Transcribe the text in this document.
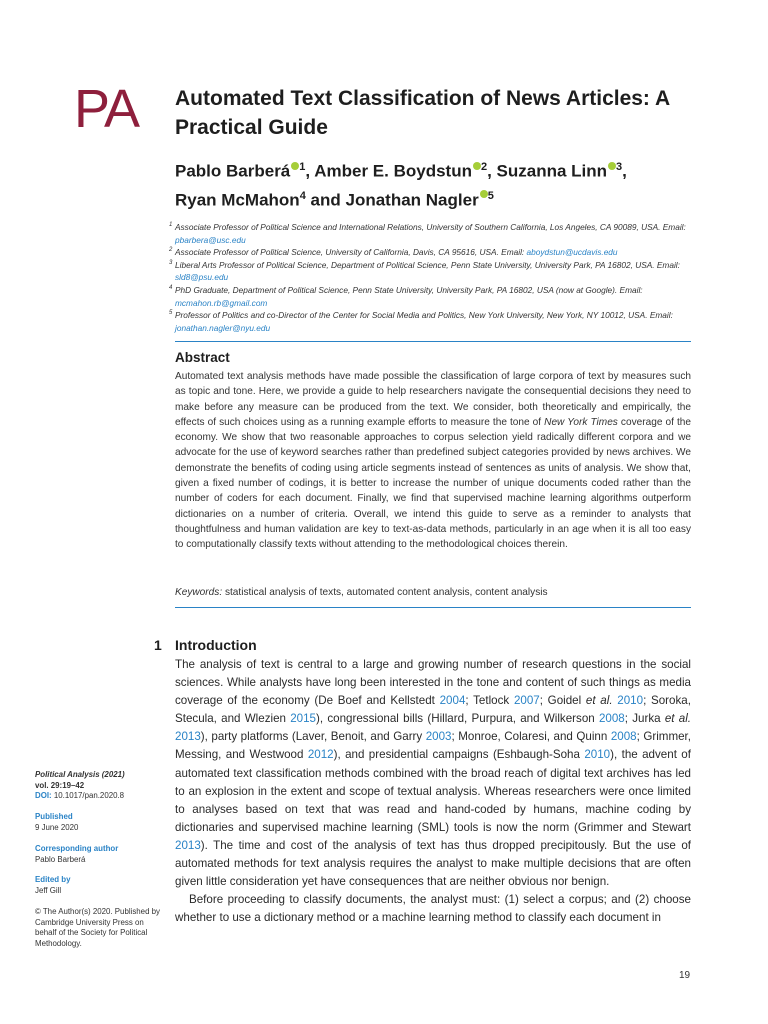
PA Automated Text Classification of News Articles: A Practical Guide
Pablo Barberá $^1$, Amber E. Boydstun $^2$, Suzanna Linn $^3$,
Ryan McMahon$^4$ and Jonathan Nagler $^5$
1 Associate Professor of Political Science and International Relations, University of Southern California, Los Angeles, CA 90089, USA. Email: pbarbera@usc.edu
2 Associate Professor of Political Science, University of California, Davis, CA 95616, USA. Email: aboydstun@ucdavis.edu
3 Liberal Arts Professor of Political Science, Department of Political Science, Penn State University, University Park, PA 16802, USA. Email: sld8@psu.edu
4 PhD Graduate, Department of Political Science, Penn State University, University Park, PA 16802, USA (now at Google). Email: mcmahon.rb@gmail.com
5 Professor of Politics and co-Director of the Center for Social Media and Politics, New York University, New York, NY 10012, USA. Email: jonathan.nagler@nyu.edu
Abstract
Automated text analysis methods have made possible the classification of large corpora of text by measures such as topic and tone. Here, we provide a guide to help researchers navigate the consequential decisions they need to make before any measure can be produced from the text. We consider, both theoretically and empirically, the effects of such choices using as a running example efforts to measure the tone of New York Times coverage of the economy. We show that two reasonable approaches to corpus selection yield radically different corpora and we advocate for the use of keyword searches rather than predefined subject categories provided by news archives. We demonstrate the benefits of coding using article segments instead of sentences as units of analysis. We show that, given a fixed number of codings, it is better to increase the number of unique documents coded rather than the number of coders for each document. Finally, we find that supervised machine learning algorithms outperform dictionaries on a number of criteria. Overall, we intend this guide to serve as a reminder to analysts that thoughtfulness and human validation are key to text-as-data methods, particularly in an age when it is all too easy to computationally classify texts without attending to the methodological choices therein.
Keywords: statistical analysis of texts, automated content analysis, content analysis
1 Introduction

The analysis of text is central to a large and growing number of research questions in the social sciences. While analysts have long been interested in the tone and content of such things as media coverage of the economy (De Boef and Kellstedt 2004; Tetlock 2007; Goidel et al. 2010; Soroka, Stecula, and Wlezien 2015), congressional bills (Hillard, Purpura, and Wilkerson 2008; Jurka et al. 2013), party platforms (Laver, Benoit, and Garry 2003; Monroe, Colaresi, and Quinn 2008; Grimmer, Messing, and Westwood 2012), and presidential campaigns (Eshbaugh-Soha 2010), the advent of automated text classification methods combined with the broad reach of digital text archives has led to an explosion in the extent and scope of textual analysis. Whereas researchers were once limited to analyses based on text that was read and hand-coded by humans, machine coding by dictionaries and supervised machine learning (SML) tools is now the norm (Grimmer and Stewart 2013). The time and cost of the analysis of text has thus dropped precipitously. But the use of automated methods for text analysis requires the analyst to make multiple decisions that are often given little consideration yet have consequences that are neither obvious nor benign.

Before proceeding to classify documents, the analyst must: (1) select a corpus; and (2) choose whether to use a dictionary method or a machine learning method to classify each document in

Political Analysis (2021)
vol. 29:19–42
DOI: 10.1017/pan.2020.8
Published
9 June 2020
Corresponding author
Pablo Barberá
Edited by
Jeff Gill
© The Author(s) 2020. Published by Cambridge University Press on behalf of the Society for Political Methodology.
19
